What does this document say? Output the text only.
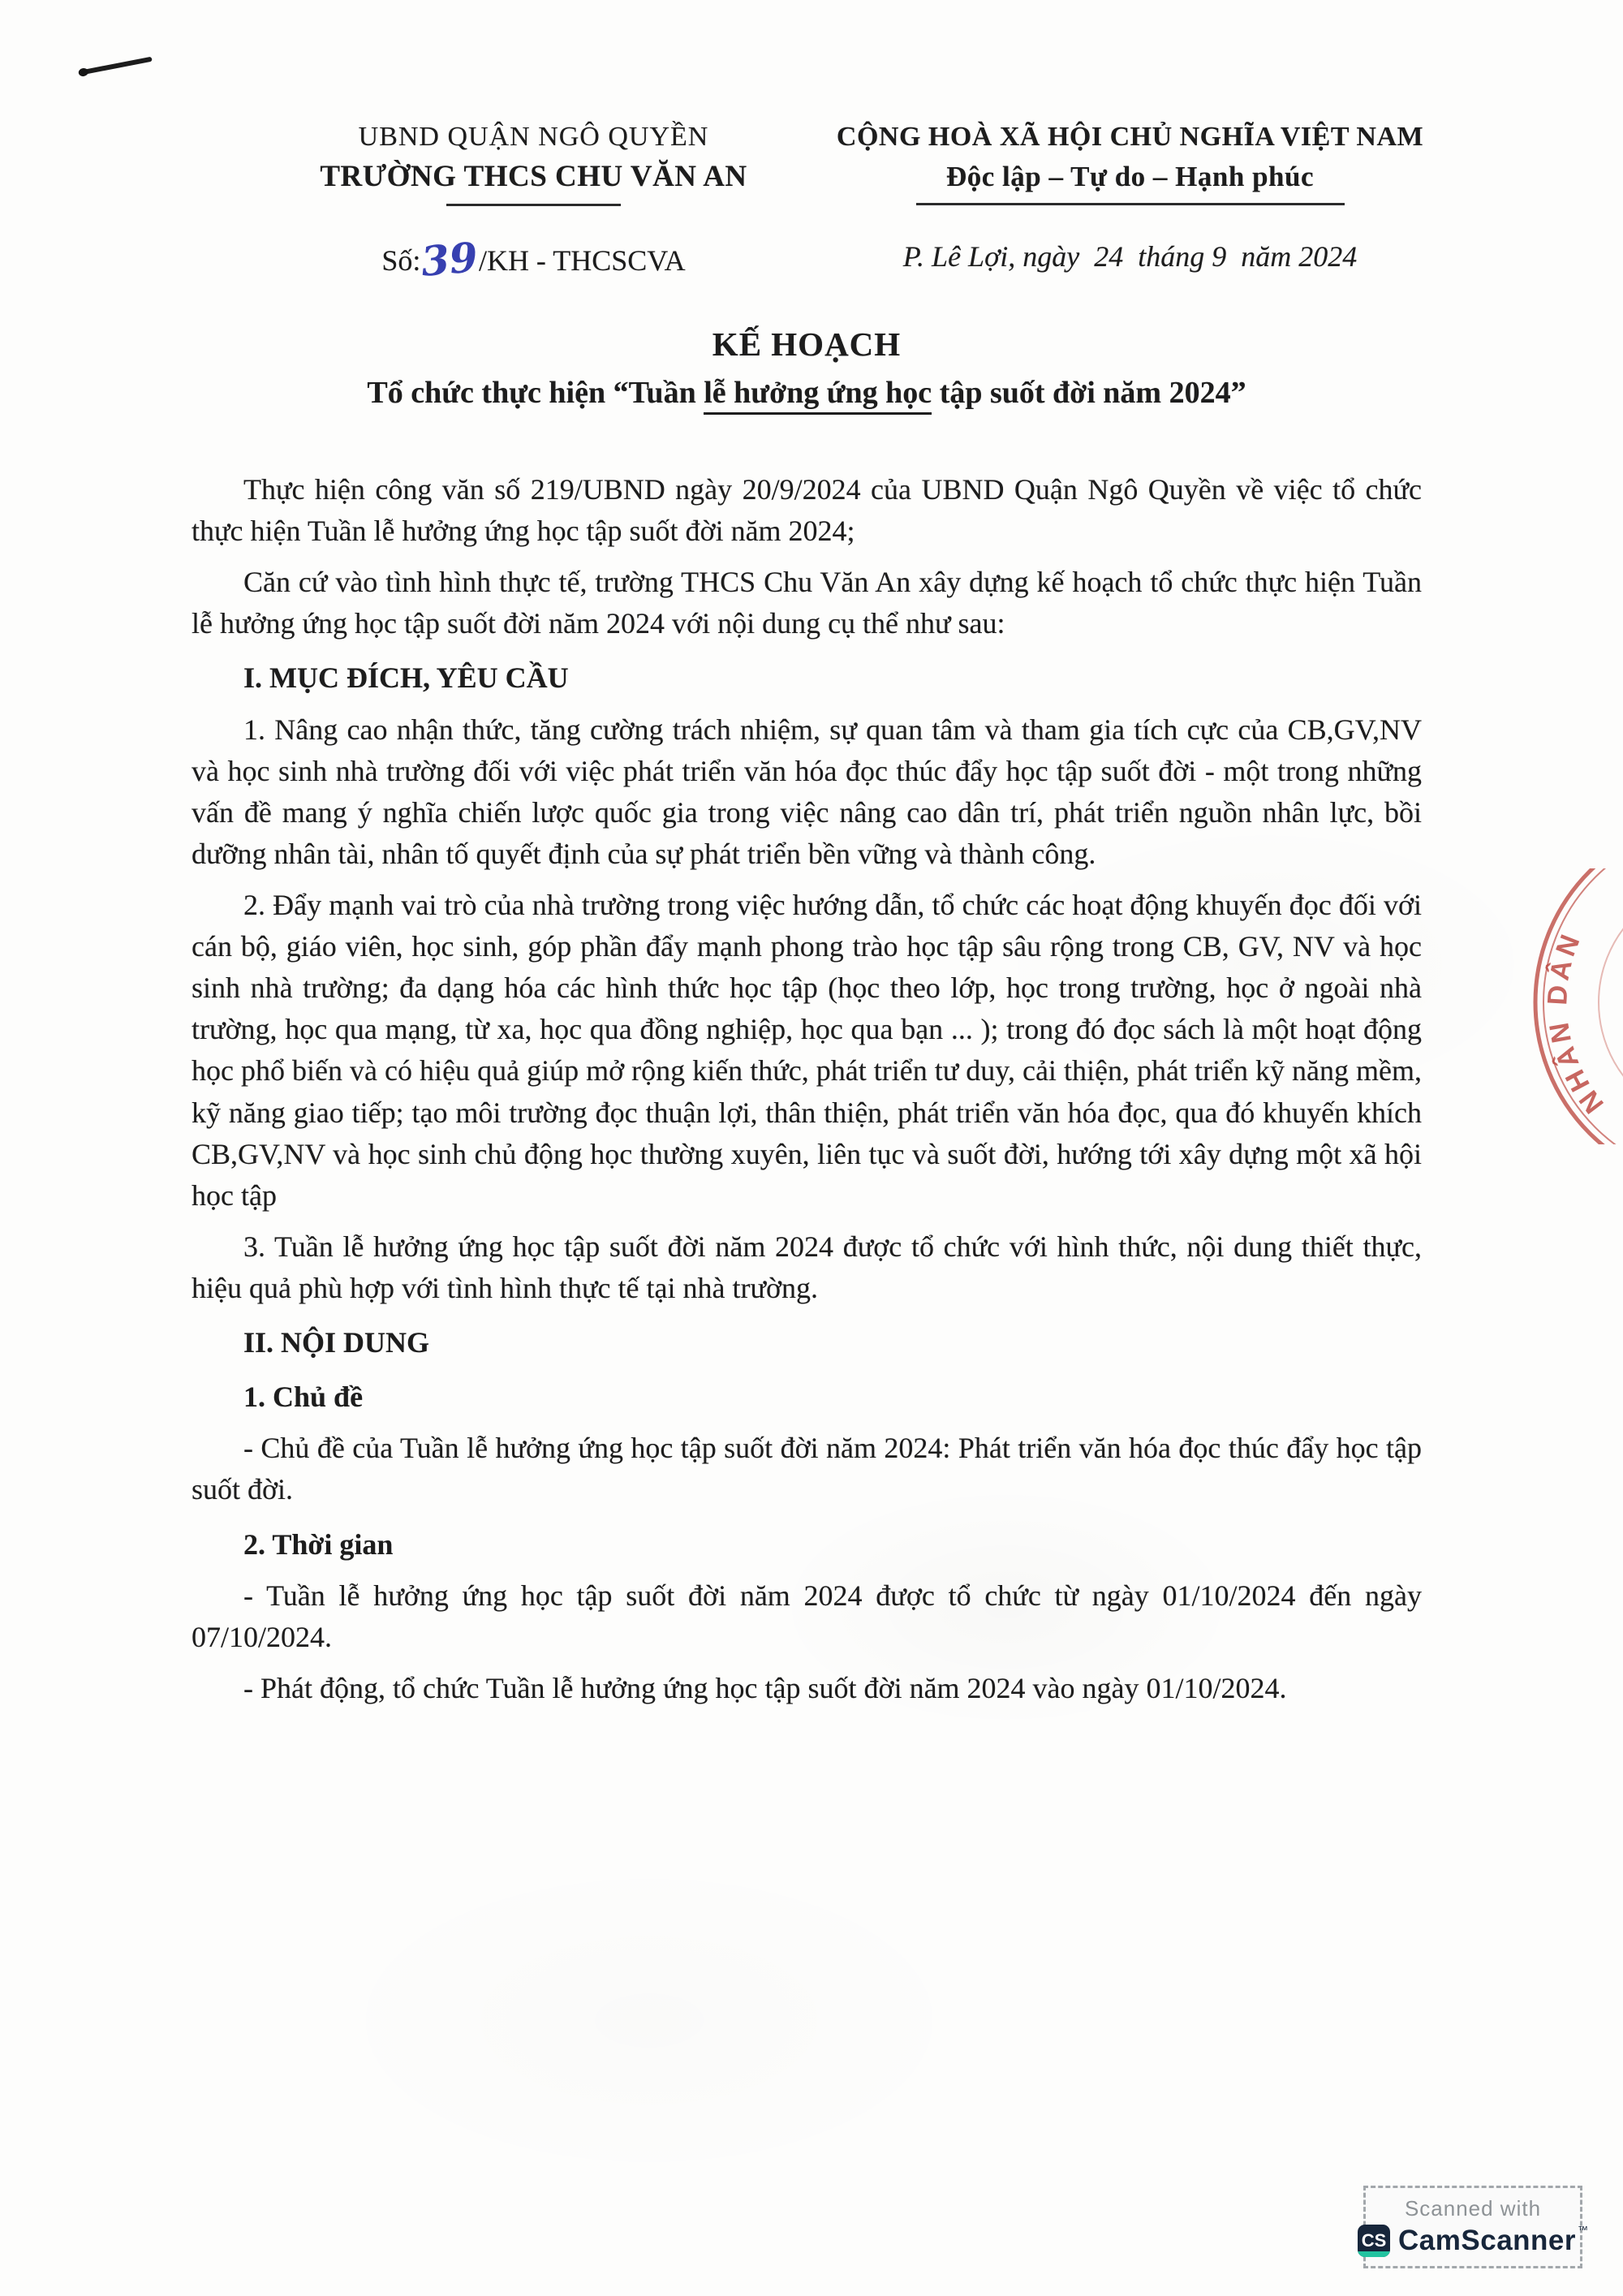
UBND QUẬN NGÔ QUYỀN
TRƯỜNG THCS CHU VĂN AN
Số:39/KH - THCSCVA
CỘNG HOÀ XÃ HỘI CHỦ NGHĨA VIỆT NAM
Độc lập – Tự do – Hạnh phúc
P. Lê Lợi, ngày  24  tháng 9  năm 2024
KẾ HOẠCH
Tổ chức thực hiện “Tuần lễ hưởng ứng học tập suốt đời năm 2024”
Thực hiện công văn số 219/UBND ngày 20/9/2024 của UBND Quận Ngô Quyền về việc tổ chức thực hiện Tuần lễ hưởng ứng học tập suốt đời năm 2024;
Căn cứ vào tình hình thực tế, trường THCS Chu Văn An xây dựng kế hoạch tổ chức thực hiện Tuần lễ hưởng ứng học tập suốt đời năm 2024 với nội dung cụ thể như sau:
I. MỤC ĐÍCH, YÊU CẦU
1. Nâng cao nhận thức, tăng cường trách nhiệm, sự quan tâm và tham gia tích cực của CB,GV,NV và học sinh nhà trường đối với việc phát triển văn hóa đọc thúc đẩy học tập suốt đời - một trong những vấn đề mang ý nghĩa chiến lược quốc gia trong việc nâng cao dân trí, phát triển nguồn nhân lực, bồi dưỡng nhân tài, nhân tố quyết định của sự phát triển bền vững và thành công.
2. Đẩy mạnh vai trò của nhà trường trong việc hướng dẫn, tổ chức các hoạt động khuyến đọc đối với cán bộ, giáo viên, học sinh, góp phần đẩy mạnh phong trào học tập sâu rộng trong CB, GV, NV và học sinh nhà trường; đa dạng hóa các hình thức học tập (học theo lớp, học trong trường, học ở ngoài nhà trường, học qua mạng, từ xa, học qua đồng nghiệp, học qua bạn ... ); trong đó đọc sách là một hoạt động học phổ biến và có hiệu quả giúp mở rộng kiến thức, phát triển tư duy, cải thiện, phát triển kỹ năng mềm, kỹ năng giao tiếp; tạo môi trường đọc thuận lợi, thân thiện, phát triển văn hóa đọc, qua đó khuyến khích CB,GV,NV và học sinh chủ động học thường xuyên, liên tục và suốt đời, hướng tới xây dựng một xã hội học tập
3. Tuần lễ hưởng ứng học tập suốt đời năm 2024 được tổ chức với hình thức, nội dung thiết thực, hiệu quả phù hợp với tình hình thực tế tại nhà trường.
II. NỘI DUNG
1. Chủ đề
- Chủ đề của Tuần lễ hưởng ứng học tập suốt đời năm 2024: Phát triển văn hóa đọc thúc đẩy học tập suốt đời.
2. Thời gian
- Tuần lễ hưởng ứng học tập suốt đời năm 2024 được tổ chức từ ngày 01/10/2024 đến ngày 07/10/2024.
- Phát động, tổ chức Tuần lễ hưởng ứng học tập suốt đời năm 2024 vào ngày 01/10/2024.
NHÂN DÂN
Scanned with
CS CamScanner ™
